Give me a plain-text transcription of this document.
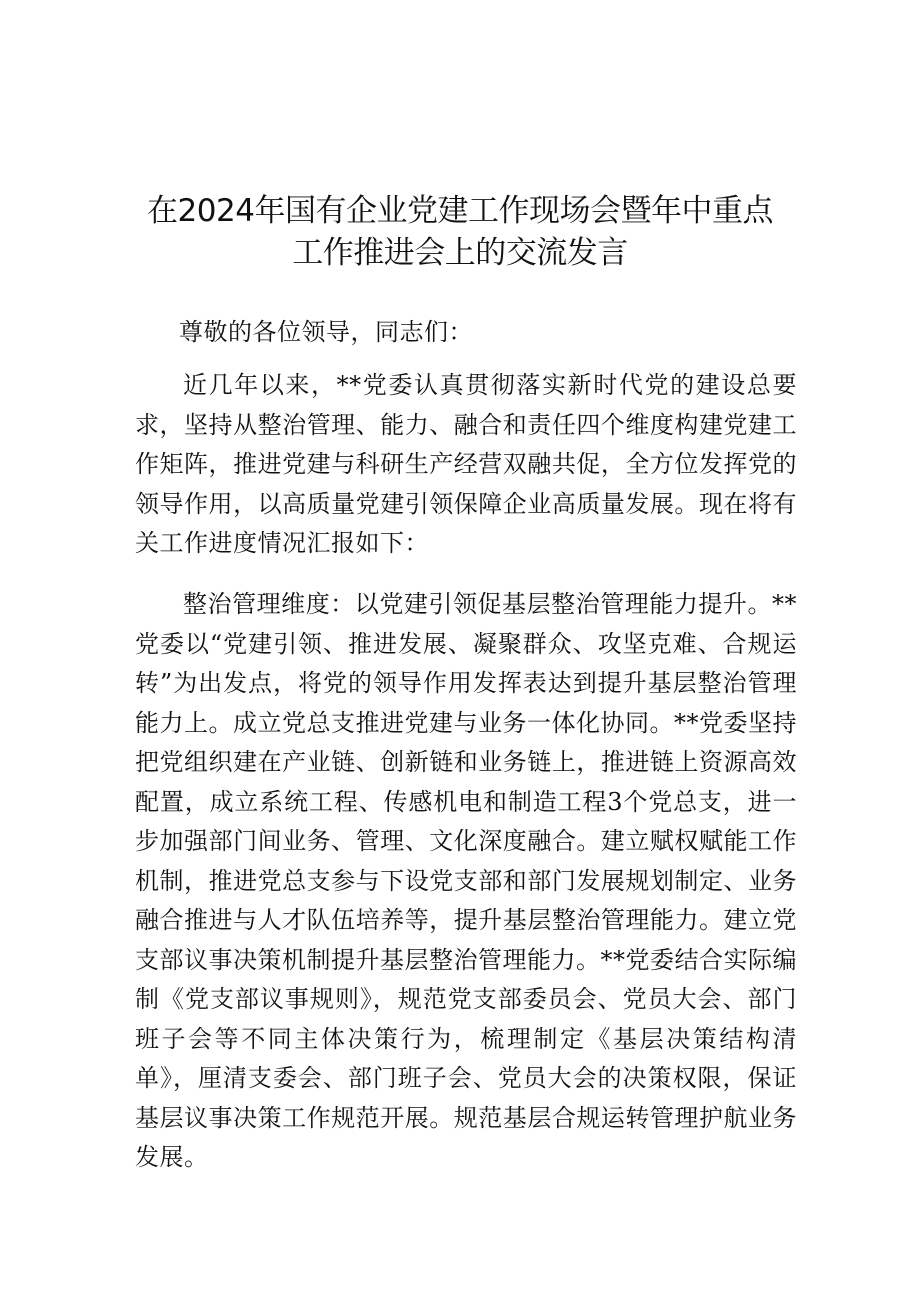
在2024年国有企业党建工作现场会暨年中重点
工作推进会上的交流发言
尊敬的各位领导，同志们：
近几年以来，**党委认真贯彻落实新时代党的建设总要求，坚持从整治管理、能力、融合和责任四个维度构建党建工作矩阵，推进党建与科研生产经营双融共促，全方位发挥党的领导作用，以高质量党建引领保障企业高质量发展。现在将有关工作进度情况汇报如下：
整治管理维度：以党建引领促基层整治管理能力提升。**党委以“党建引领、推进发展、凝聚群众、攻坚克难、合规运转”为出发点，将党的领导作用发挥表达到提升基层整治管理能力上。成立党总支推进党建与业务一体化协同。**党委坚持把党组织建在产业链、创新链和业务链上，推进链上资源高效配置，成立系统工程、传感机电和制造工程3个党总支，进一步加强部门间业务、管理、文化深度融合。建立赋权赋能工作机制，推进党总支参与下设党支部和部门发展规划制定、业务融合推进与人才队伍培养等，提升基层整治管理能力。建立党支部议事决策机制提升基层整治管理能力。**党委结合实际编制《党支部议事规则》，规范党支部委员会、党员大会、部门班子会等不同主体决策行为，梳理制定《基层决策结构清单》，厘清支委会、部门班子会、党员大会的决策权限，保证基层议事决策工作规范开展。规范基层合规运转管理护航业务发展。
